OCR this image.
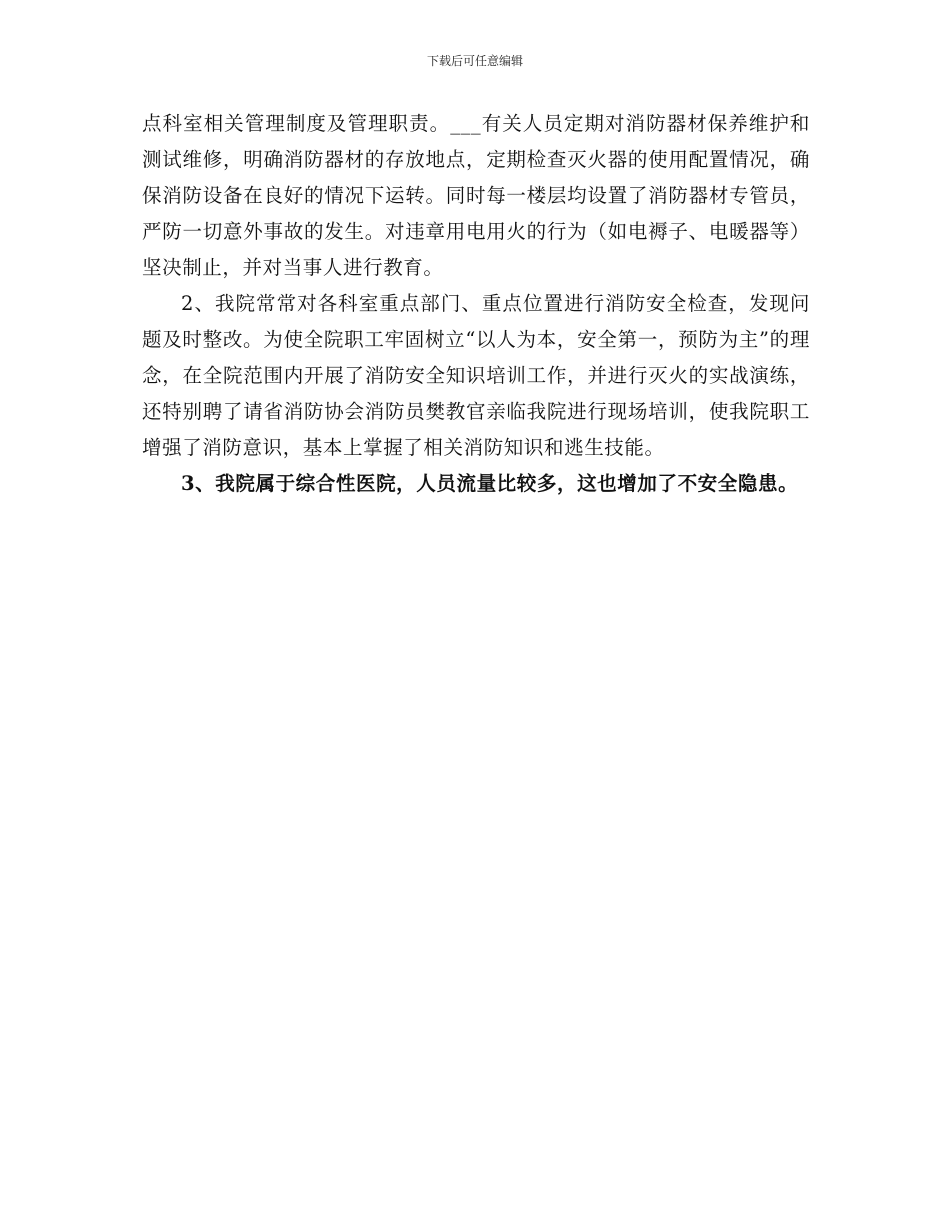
下载后可任意编辑

点科室相关管理制度及管理职责。___有关人员定期对消防器材保养维护和测试维修，明确消防器材的存放地点，定期检查灭火器的使用配置情况，确保消防设备在良好的情况下运转。同时每一楼层均设置了消防器材专管员，严防一切意外事故的发生。对违章用电用火的行为（如电褥子、电暖器等）坚决制止，并对当事人进行教育。

2、我院常常对各科室重点部门、重点位置进行消防安全检查，发现问题及时整改。为使全院职工牢固树立“以人为本，安全第一，预防为主”的理念，在全院范围内开展了消防安全知识培训工作，并进行灭火的实战演练，还特别聘了请省消防协会消防员樊教官亲临我院进行现场培训，使我院职工增强了消防意识，基本上掌握了相关消防知识和逃生技能。

3、我院属于综合性医院，人员流量比较多，这也增加了不安全隐患。
